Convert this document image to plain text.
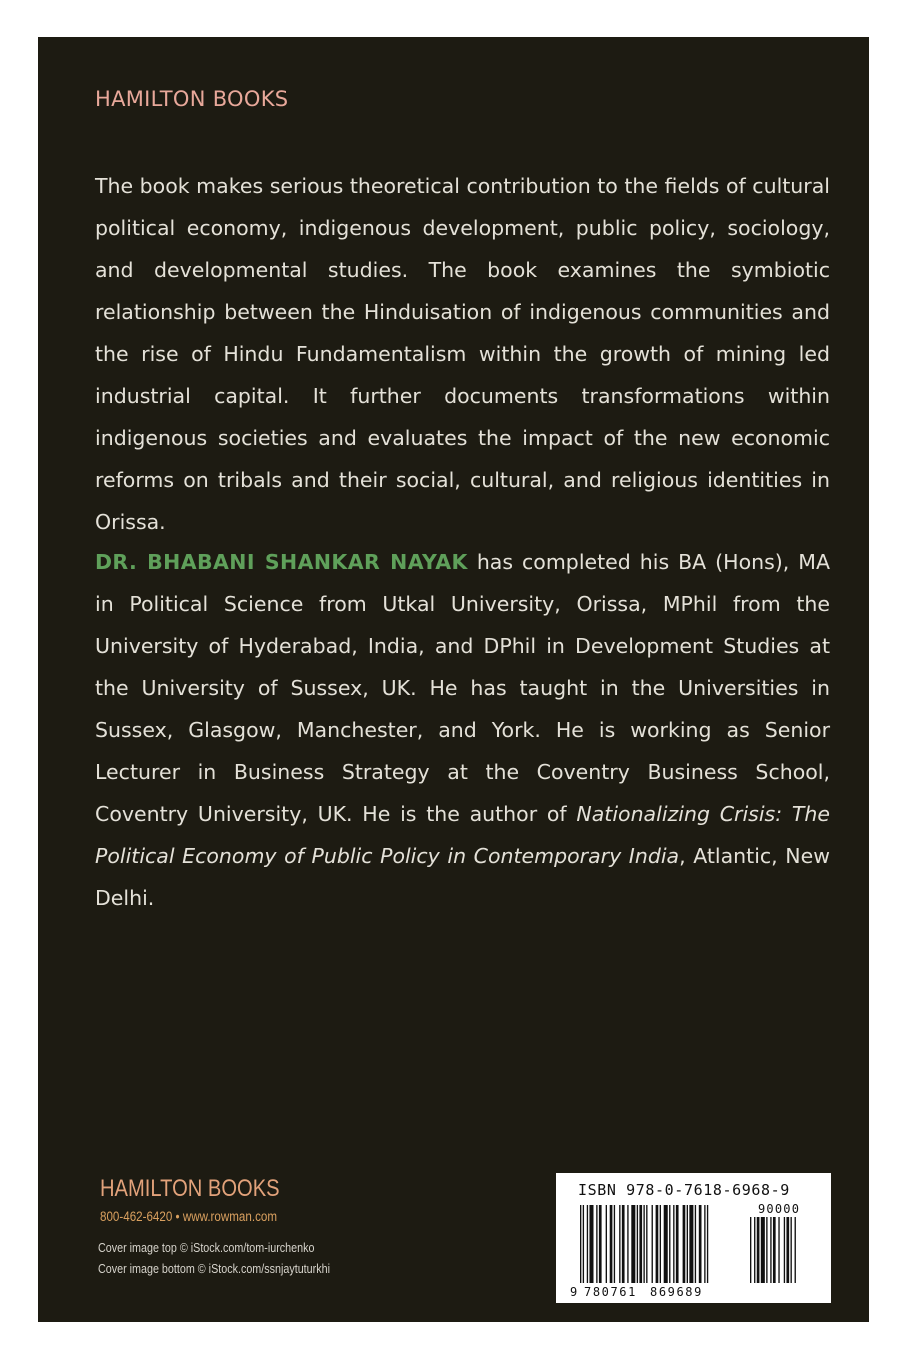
HAMILTON BOOKS

The book makes serious theoretical contribution to the fields of cultural political economy, indigenous development, public policy, sociology, and developmental studies. The book examines the symbiotic relationship between the Hinduisation of indigenous communities and the rise of Hindu Fundamentalism within the growth of mining led industrial capital. It further documents transformations within indigenous societies and evaluates the impact of the new economic reforms on tribals and their social, cultural, and religious identities in Orissa.

DR. BHABANI SHANKAR NAYAK has completed his BA (Hons), MA in Political Science from Utkal University, Orissa, MPhil from the University of Hyderabad, India, and DPhil in Development Studies at the University of Sussex, UK. He has taught in the Universities in Sussex, Glasgow, Manchester, and York. He is working as Senior Lecturer in Business Strategy at the Coventry Business School, Coventry University, UK. He is the author of Nationalizing Crisis: The Political Economy of Public Policy in Contemporary India, Atlantic, New Delhi.

HAMILTON BOOKS
800-462-6420 • www.rowman.com
Cover image top © iStock.com/tom-iurchenko
Cover image bottom © iStock.com/ssnjaytuturkhi
ISBN 978-0-7618-6968-9
9 780761 869689
90000
